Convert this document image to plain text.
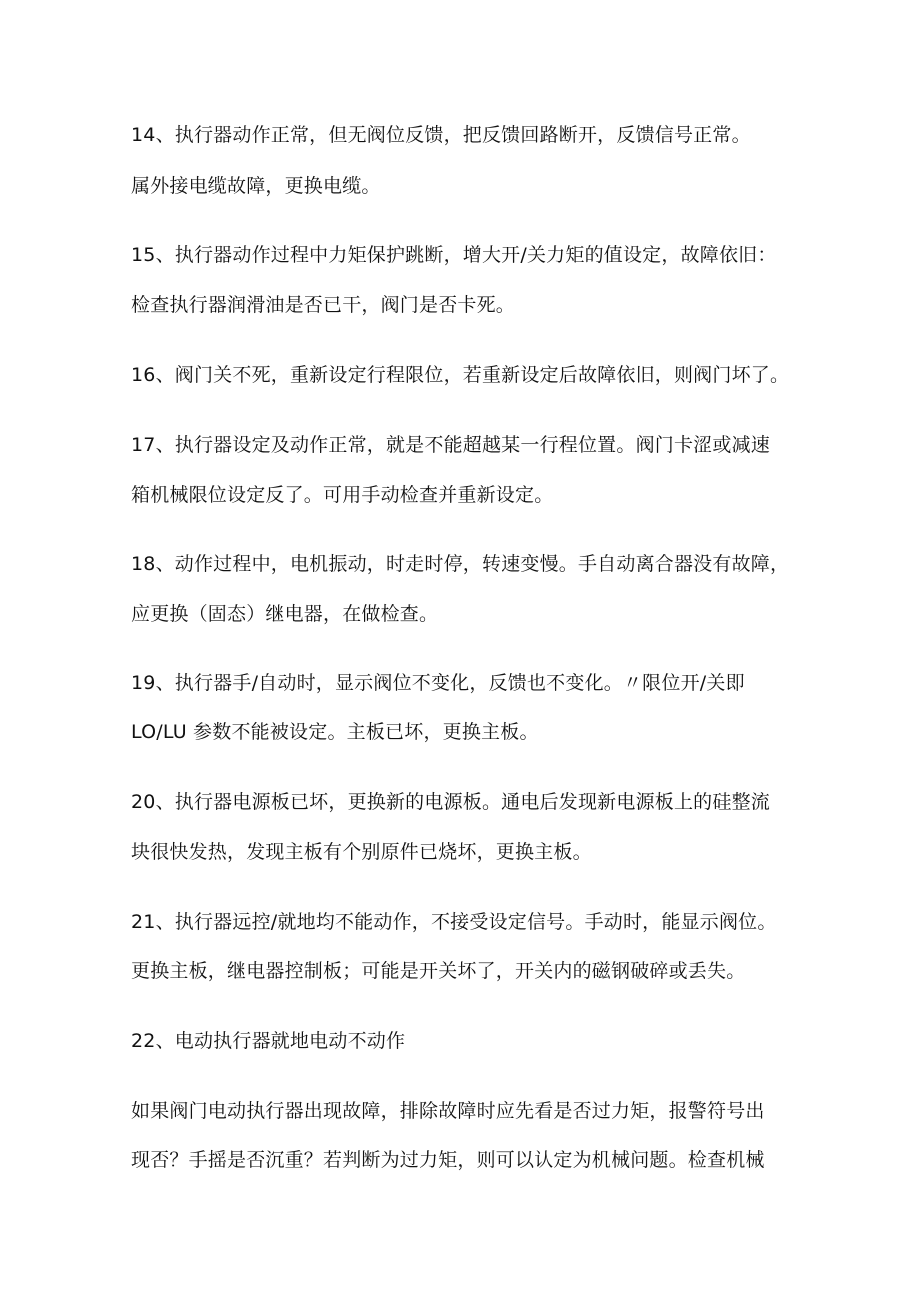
14、执行器动作正常，但无阀位反馈，把反馈回路断开，反馈信号正常。
属外接电缆故障，更换电缆。
15、执行器动作过程中力矩保护跳断，增大开/关力矩的值设定，故障依旧：
检查执行器润滑油是否已干，阀门是否卡死。
16、阀门关不死，重新设定行程限位，若重新设定后故障依旧，则阀门坏了。
17、执行器设定及动作正常，就是不能超越某一行程位置。阀门卡涩或减速
箱机械限位设定反了。可用手动检查并重新设定。
18、动作过程中，电机振动，时走时停，转速变慢。手自动离合器没有故障，
应更换（固态）继电器，在做检查。
19、执行器手/自动时，显示阀位不变化，反馈也不变化。〃限位开/关即
LO/LU 参数不能被设定。主板已坏，更换主板。
20、执行器电源板已坏，更换新的电源板。通电后发现新电源板上的硅整流
块很快发热，发现主板有个别原件已烧坏，更换主板。
21、执行器远控/就地均不能动作，不接受设定信号。手动时，能显示阀位。
更换主板，继电器控制板；可能是开关坏了，开关内的磁钢破碎或丢失。
22、电动执行器就地电动不动作
如果阀门电动执行器出现故障，排除故障时应先看是否过力矩，报警符号出
现否？手摇是否沉重？若判断为过力矩，则可以认定为机械问题。检查机械
